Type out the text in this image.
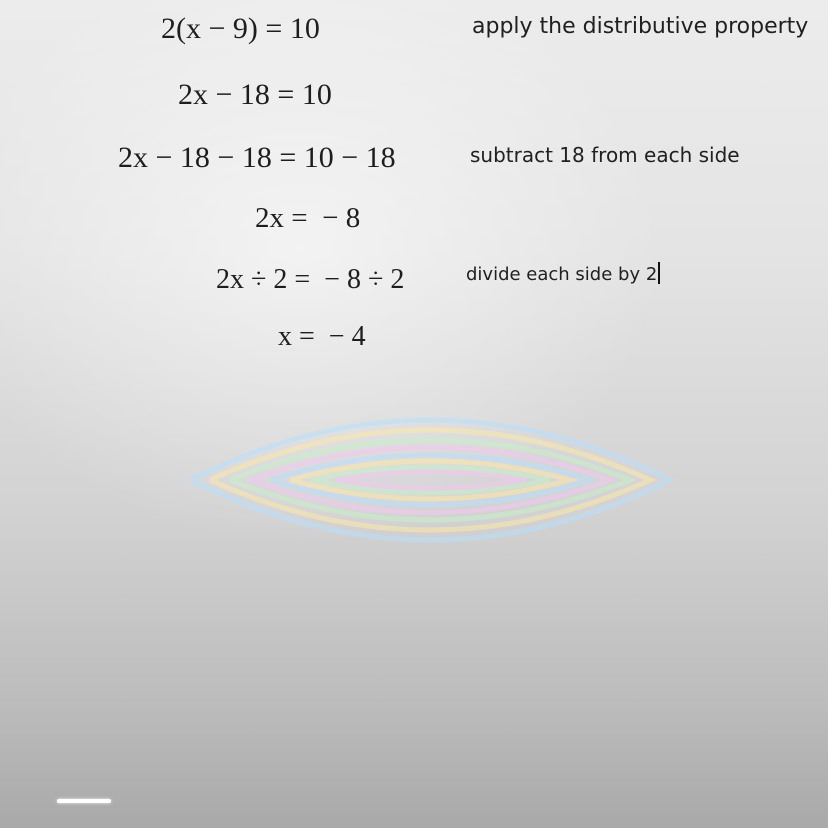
2(x − 9) = 10	apply the distributive property
2x − 18 = 10
2x − 18 − 18 = 10 − 18	subtract 18 from each side
2x =  − 8
2x ÷ 2 =  − 8 ÷ 2	divide each side by 2
x =  − 4
